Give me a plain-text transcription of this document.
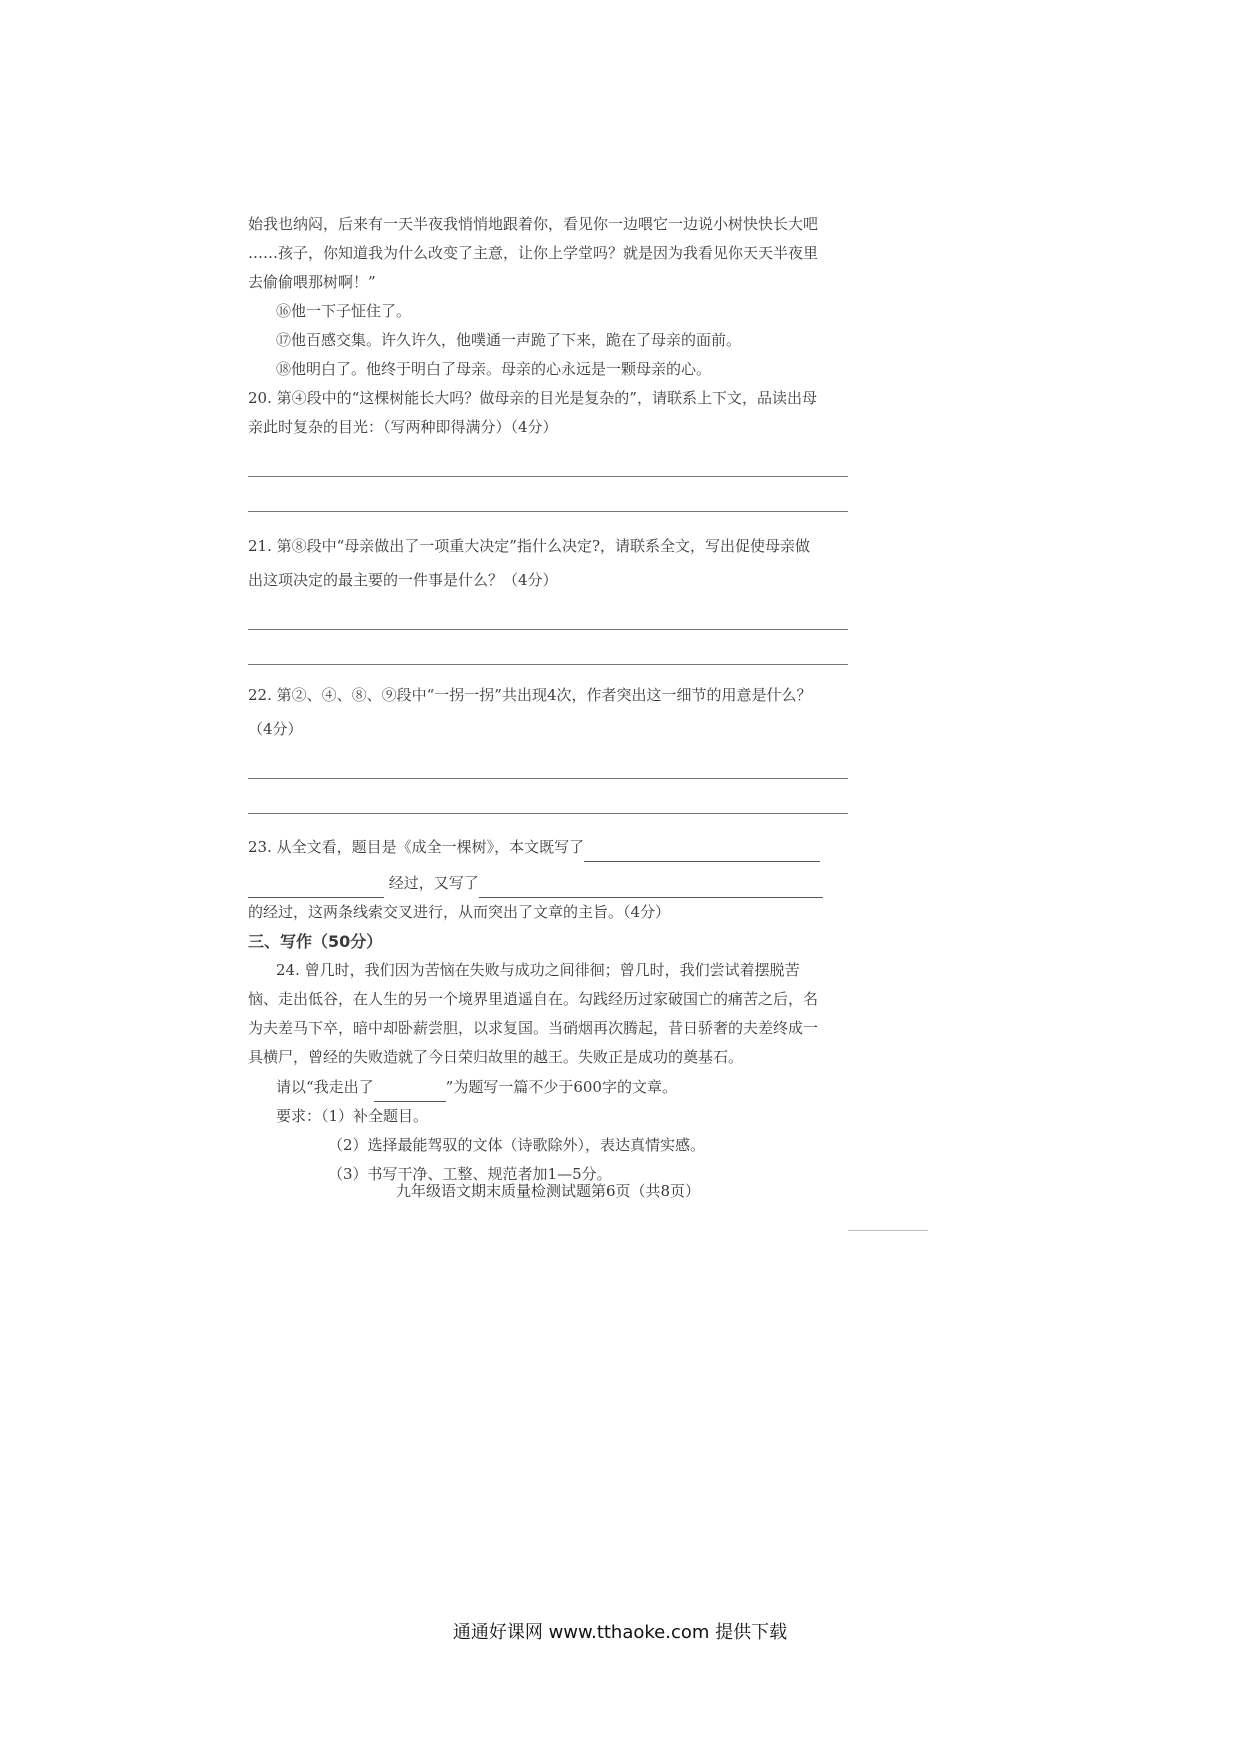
始我也纳闷，后来有一天半夜我悄悄地跟着你，看见你一边喂它一边说小树快快长大吧
……孩子，你知道我为什么改变了主意，让你上学堂吗？就是因为我看见你天天半夜里
去偷偷喂那树啊！”
⑯他一下子怔住了。
⑰他百感交集。许久许久，他噗通一声跪了下来，跪在了母亲的面前。
⑱他明白了。他终于明白了母亲。母亲的心永远是一颗母亲的心。
20. 第④段中的“这棵树能长大吗？做母亲的目光是复杂的”，请联系上下文，品读出母
亲此时复杂的目光：（写两种即得满分）（4分）
21. 第⑧段中“母亲做出了一项重大决定”指什么决定?，请联系全文，写出促使母亲做
出这项决定的最主要的一件事是什么？（4分）
22. 第②、④、⑧、⑨段中“一拐一拐”共出现4次，作者突出这一细节的用意是什么？
（4分）
23. 从全文看，题目是《成全一棵树》，本文既写了
经过，又写了
的经过，这两条线索交叉进行，从而突出了文章的主旨。（4分）
三、写作（50分）
24. 曾几时，我们因为苦恼在失败与成功之间徘徊；曾几时，我们尝试着摆脱苦
恼、走出低谷，在人生的另一个境界里逍遥自在。勾践经历过家破国亡的痛苦之后，名
为夫差马下卒，暗中却卧薪尝胆，以求复国。当硝烟再次腾起，昔日骄奢的夫差终成一
具横尸，曾经的失败造就了今日荣归故里的越王。失败正是成功的奠基石。
请以“我走出了	”为题写一篇不少于600字的文章。
要求：（1）补全题目。
（2）选择最能驾驭的文体（诗歌除外），表达真情实感。
（3）书写干净、工整、规范者加1—5分。
九年级语文期末质量检测试题第6页（共8页）
通通好课网 www.tthaoke.com 提供下载
